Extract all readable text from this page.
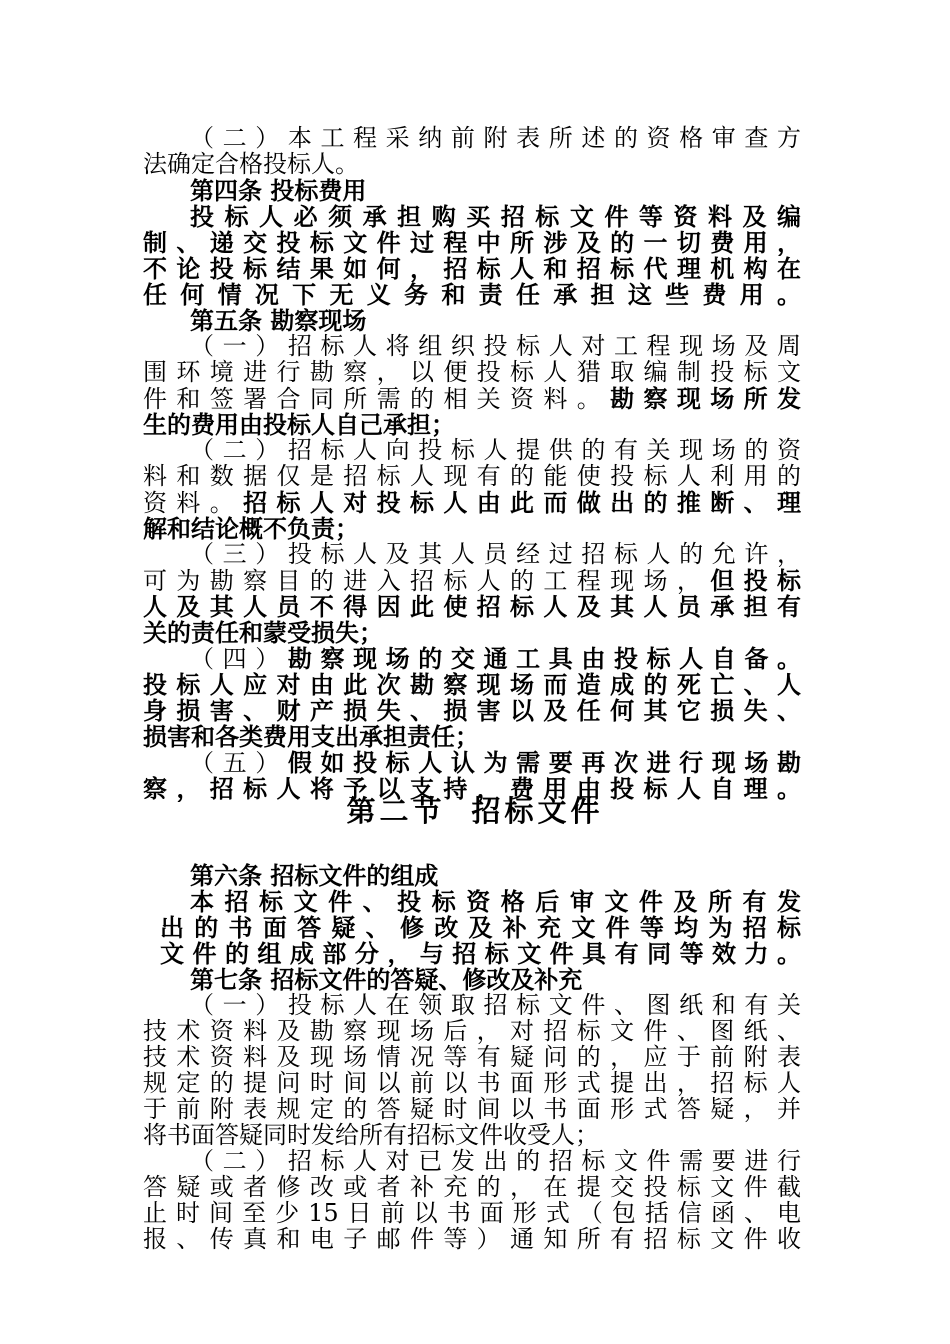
（二）本工程采纳前附表所述的资格审查方
法确定合格投标人。
第四条 投标费用
投标人必须承担购买招标文件等资料及编
制、递交投标文件过程中所涉及的一切费用，
不论投标结果如何，招标人和招标代理机构在
任何情况下无义务和责任承担这些费用。
第五条 勘察现场
（一）招标人将组织投标人对工程现场及周
围环境进行勘察，以便投标人猎取编制投标文
件和签署合同所需的相关资料。勘察现场所发
生的费用由投标人自己承担；
（二）招标人向投标人提供的有关现场的资
料和数据仅是招标人现有的能使投标人利用的
资料。招标人对投标人由此而做出的推断、理
解和结论概不负责；
（三）投标人及其人员经过招标人的允许，
可为勘察目的进入招标人的工程现场，但投标
人及其人员不得因此使招标人及其人员承担有
关的责任和蒙受损失；
（四）勘察现场的交通工具由投标人自备。
投标人应对由此次勘察现场而造成的死亡、人
身损害、财产损失、损害以及任何其它损失、
损害和各类费用支出承担责任；
（五）假如投标人认为需要再次进行现场勘
察，招标人将予以支持，费用由投标人自理。
第二节 招标文件
第六条 招标文件的组成
本招标文件、投标资格后审文件及所有发
出的书面答疑、修改及补充文件等均为招标
文件的组成部分，与招标文件具有同等效力。
第七条 招标文件的答疑、修改及补充
（一）投标人在领取招标文件、图纸和有关
技术资料及勘察现场后，对招标文件、图纸、
技术资料及现场情况等有疑问的，应于前附表
规定的提问时间以前以书面形式提出，招标人
于前附表规定的答疑时间以书面形式答疑，并
将书面答疑同时发给所有招标文件收受人；
（二）招标人对已发出的招标文件需要进行
答疑或者修改或者补充的，在提交投标文件截
止时间至少15日前以书面形式（包括信函、电
报、传真和电子邮件等）通知所有招标文件收
